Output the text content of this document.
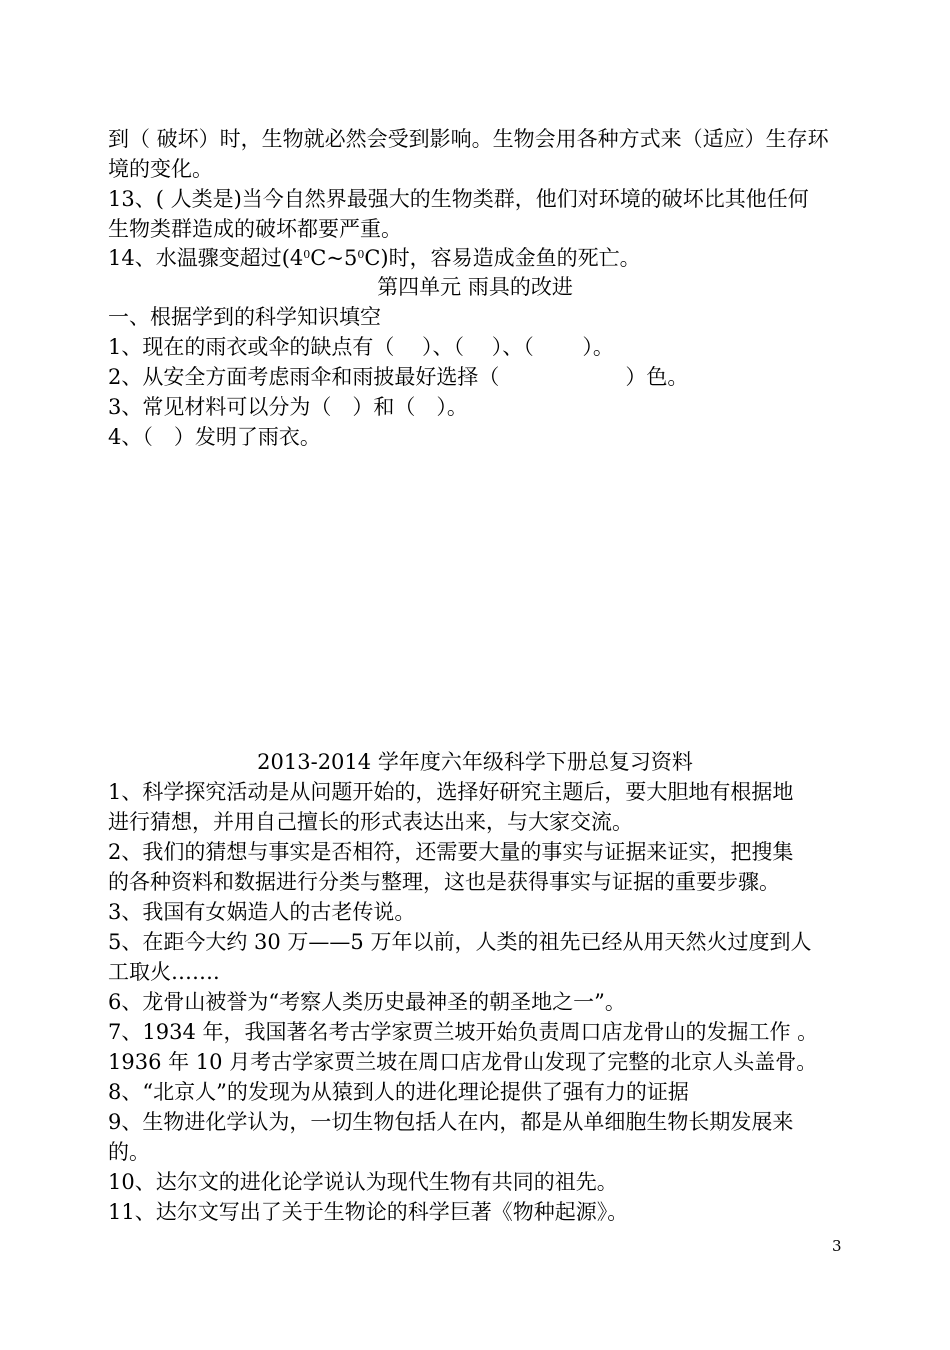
到（ 破坏）时，生物就必然会受到影响。生物会用各种方式来（适应）生存环
境的变化。
13、( 人类是)当今自然界最强大的生物类群，他们对环境的破坏比其他任何
生物类群造成的破坏都要严重。
14、水温骤变超过$(4^0C\sim 5^0C)$时，容易造成金鱼的死亡。
第四单元 雨具的改进
一、根据学到的科学知识填空
1、现在的雨衣或伞的缺点有（　 ）、（　 ）、（　　 ）。
2、从安全方面考虑雨伞和雨披最好选择（　　　　　　）色。
3、常见材料可以分为（　）和（　）。
4、（　）发明了雨衣。
2013-2014 学年度六年级科学下册总复习资料
1、科学探究活动是从问题开始的，选择好研究主题后，要大胆地有根据地
进行猜想，并用自己擅长的形式表达出来，与大家交流。
2、我们的猜想与事实是否相符，还需要大量的事实与证据来证实，把搜集
的各种资料和数据进行分类与整理，这也是获得事实与证据的重要步骤。
3、我国有女娲造人的古老传说。
5、在距今大约 30 万——5 万年以前，人类的祖先已经从用天然火过度到人
工取火…….
6、龙骨山被誉为“考察人类历史最神圣的朝圣地之一”。
7、1934 年，我国著名考古学家贾兰坡开始负责周口店龙骨山的发掘工作 。
1936 年 10 月考古学家贾兰坡在周口店龙骨山发现了完整的北京人头盖骨。
8、“北京人”的发现为从猿到人的进化理论提供了强有力的证据
9、生物进化学认为，一切生物包括人在内，都是从单细胞生物长期发展来
的。
10、达尔文的进化论学说认为现代生物有共同的祖先。
11、达尔文写出了关于生物论的科学巨著《物种起源》。
3
